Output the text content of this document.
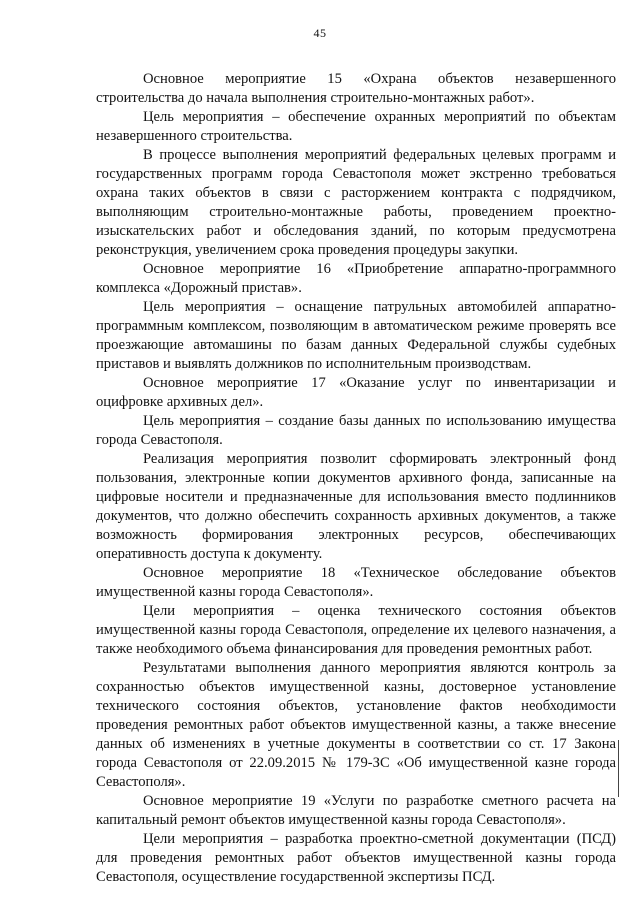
45

Основное мероприятие 15 «Охрана объектов незавершенного строительства до начала выполнения строительно-монтажных работ».

Цель мероприятия – обеспечение охранных мероприятий по объектам незавершенного строительства.

В процессе выполнения мероприятий федеральных целевых программ и государственных программ города Севастополя может экстренно требоваться охрана таких объектов в связи с расторжением контракта с подрядчиком, выполняющим строительно-монтажные работы, проведением проектно-изыскательских работ и обследования зданий, по которым предусмотрена реконструкция, увеличением срока проведения процедуры закупки.

Основное мероприятие 16 «Приобретение аппаратно-программного комплекса «Дорожный пристав».

Цель мероприятия – оснащение патрульных автомобилей аппаратно-программным комплексом, позволяющим в автоматическом режиме проверять все проезжающие автомашины по базам данных Федеральной службы судебных приставов и выявлять должников по исполнительным производствам.

Основное мероприятие 17 «Оказание услуг по инвентаризации и оцифровке архивных дел».

Цель мероприятия – создание базы данных по использованию имущества города Севастополя.

Реализация мероприятия позволит сформировать электронный фонд пользования, электронные копии документов архивного фонда, записанные на цифровые носители и предназначенные для использования вместо подлинников документов, что должно обеспечить сохранность архивных документов, а также возможность формирования электронных ресурсов, обеспечивающих оперативность доступа к документу.

Основное мероприятие 18 «Техническое обследование объектов имущественной казны города Севастополя».

Цели мероприятия – оценка технического состояния объектов имущественной казны города Севастополя, определение их целевого назначения, а также необходимого объема финансирования для проведения ремонтных работ.

Результатами выполнения данного мероприятия являются контроль за сохранностью объектов имущественной казны, достоверное установление технического состояния объектов, установление фактов необходимости проведения ремонтных работ объектов имущественной казны, а также внесение данных об изменениях в учетные документы в соответствии со ст. 17 Закона города Севастополя от 22.09.2015 № 179-ЗС «Об имущественной казне города Севастополя».

Основное мероприятие 19 «Услуги по разработке сметного расчета на капитальный ремонт объектов имущественной казны города Севастополя».

Цели мероприятия – разработка проектно-сметной документации (ПСД) для проведения ремонтных работ объектов имущественной казны города Севастополя, осуществление государственной экспертизы ПСД.
